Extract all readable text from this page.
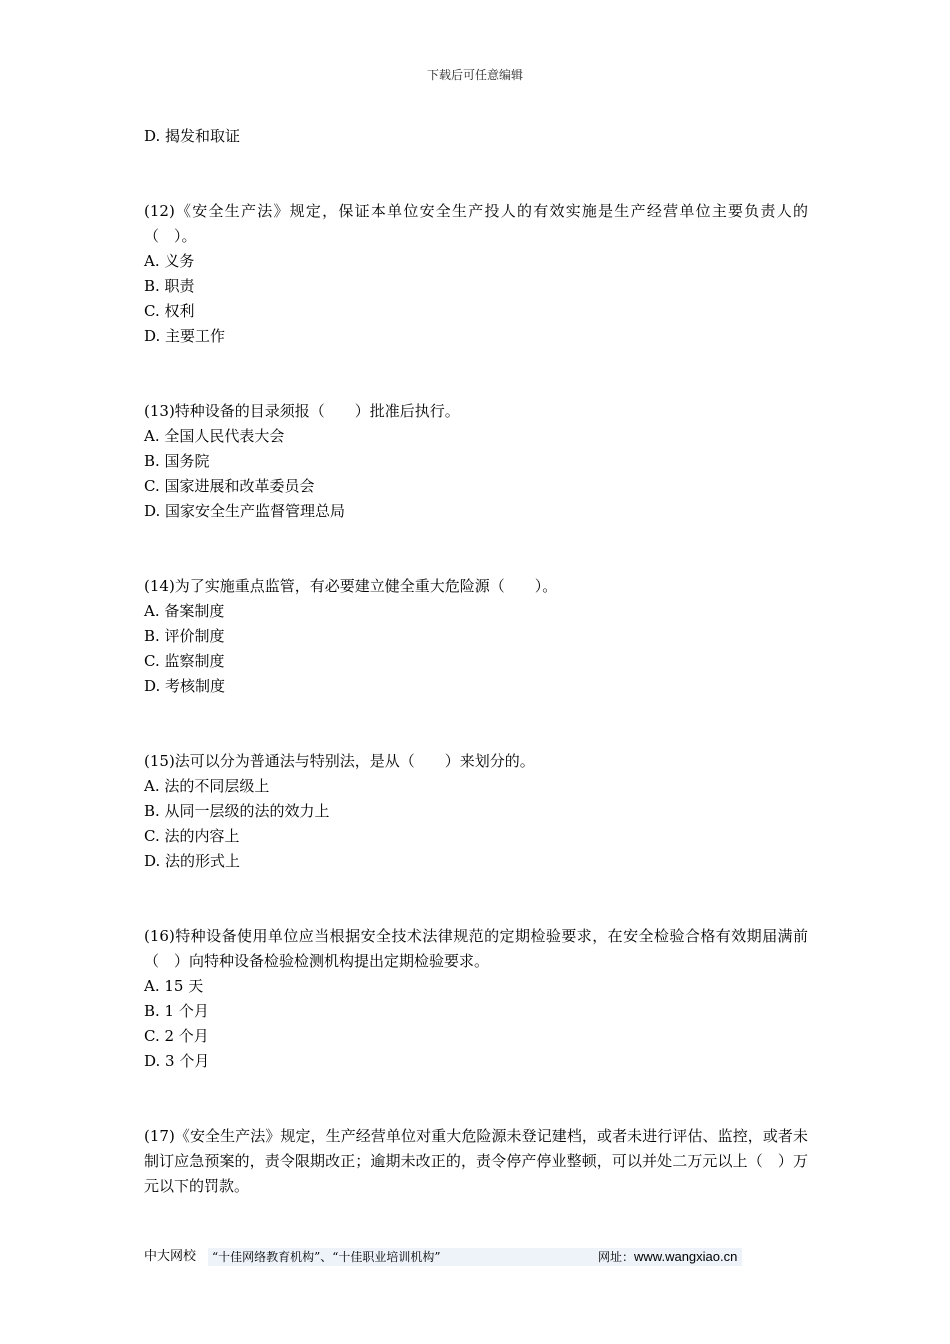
下载后可任意编辑

D. 揭发和取证

(12)《安全生产法》规定，保证本单位安全生产投人的有效实施是生产经营单位主要负责人的（　）。

A. 义务

B. 职责

C. 权利

D. 主要工作

(13)特种设备的目录须报（　　）批准后执行。

A. 全国人民代表大会

B. 国务院

C. 国家进展和改革委员会

D. 国家安全生产监督管理总局

(14)为了实施重点监管，有必要建立健全重大危险源（　　）。

A. 备案制度

B. 评价制度

C. 监察制度

D. 考核制度

(15)法可以分为普通法与特别法，是从（　　）来划分的。

A. 法的不同层级上

B. 从同一层级的法的效力上

C. 法的内容上

D. 法的形式上

(16)特种设备使用单位应当根据安全技术法律规范的定期检验要求，在安全检验合格有效期届满前（　）向特种设备检验检测机构提出定期检验要求。

A. 15 天

B. 1 个月

C. 2 个月

D. 3 个月

(17)《安全生产法》规定，生产经营单位对重大危险源未登记建档，或者未进行评估、监控，或者未制订应急预案的，责令限期改正；逾期未改正的，责令停产停业整顿，可以并处二万元以上（　）万元以下的罚款。

中大网校	“十佳网络教育机构”、“十佳职业培训机构”	网址：www.wangxiao.cn
